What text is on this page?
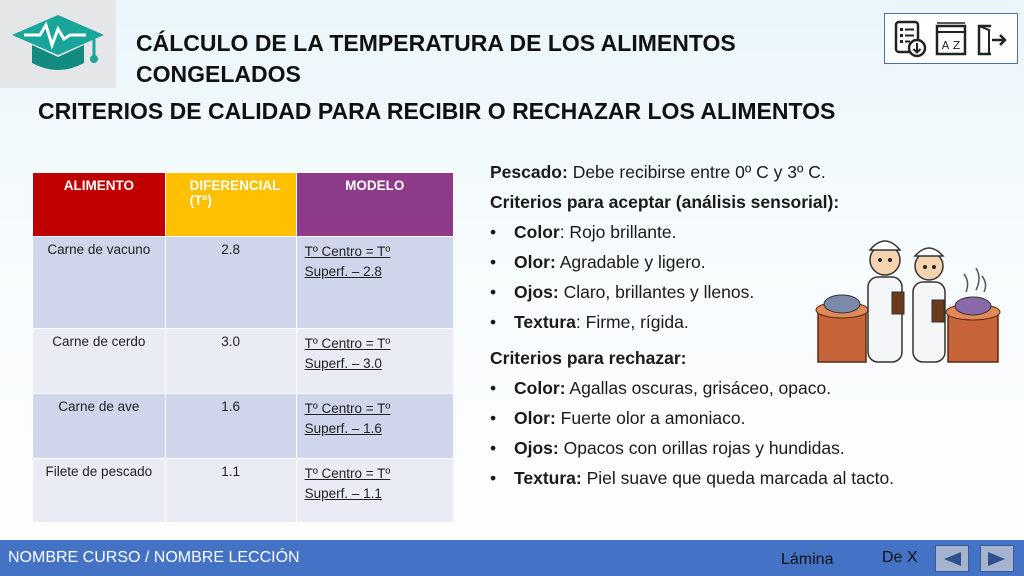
CÁLCULO DE LA TEMPERATURA DE LOS ALIMENTOS CONGELADOS
CRITERIOS DE CALIDAD PARA RECIBIR O RECHAZAR LOS ALIMENTOS
A Z
ALIMENTO	DIFERENCIAL (Tº)	MODELO
Carne de vacuno	2.8	Tº Centro = Tº
Superf. – 2.8
Carne de cerdo	3.0	Tº Centro = Tº
Superf. – 3.0
Carne de ave	1.6	Tº Centro = Tº
Superf. – 1.6
Filete de pescado	1.1	Tº Centro = Tº
Superf. – 1.1

Pescado: Debe recibirse entre 0º C y 3º C.

Criterios para aceptar (análisis sensorial):

• Color: Rojo brillante.
• Olor: Agradable y ligero.
• Ojos: Claro, brillantes y llenos.
• Textura: Firme, rígida.

Criterios para rechazar:

• Color: Agallas oscuras, grisáceo, opaco.
• Olor: Fuerte olor a amoniaco.
• Ojos: Opacos con orillas rojas y hundidas.
• Textura: Piel suave que queda marcada al tacto.
NOMBRE CURSO / NOMBRE LECCIÓN	Lámina	De X
